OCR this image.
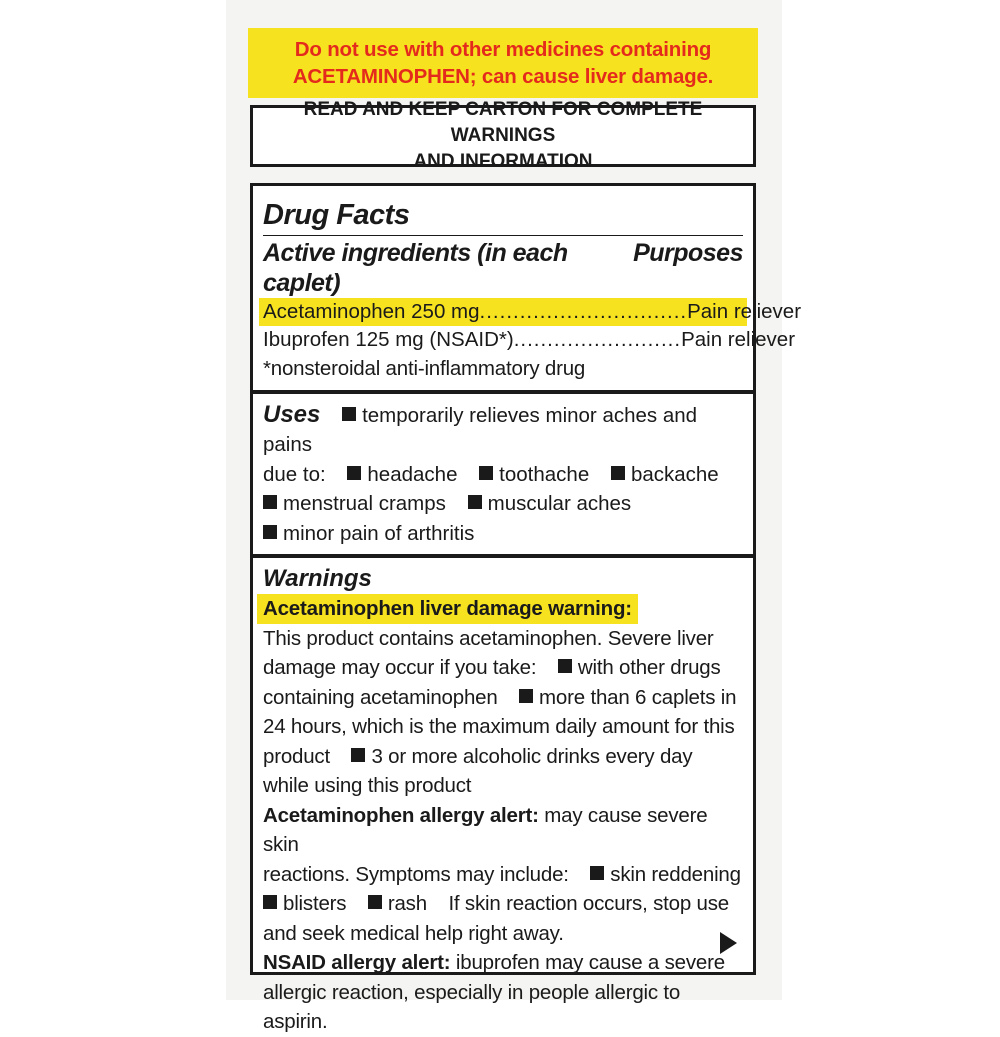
Do not use with other medicines containing
ACETAMINOPHEN; can cause liver damage.
READ AND KEEP CARTON FOR COMPLETE WARNINGS
AND INFORMATION
Drug Facts
Active ingredients (in each caplet)
Purposes
Acetaminophen 250 mg ............................... Pain reliever
Ibuprofen 125 mg (NSAID*) ......................... Pain reliever
*nonsteroidal anti-inflammatory drug
Uses temporarily relieves minor aches and pains
due to: headache toothache backache
menstrual cramps muscular aches
minor pain of arthritis
Warnings
Acetaminophen liver damage warning:
This product contains acetaminophen. Severe liver
damage may occur if you take: with other drugs
containing acetaminophen more than 6 caplets in
24 hours, which is the maximum daily amount for this
product 3 or more alcoholic drinks every day
while using this product
Acetaminophen allergy alert: may cause severe skin
reactions. Symptoms may include: skin reddening
blisters rash If skin reaction occurs, stop use
and seek medical help right away.
NSAID allergy alert: ibuprofen may cause a severe
allergic reaction, especially in people allergic to
aspirin.
